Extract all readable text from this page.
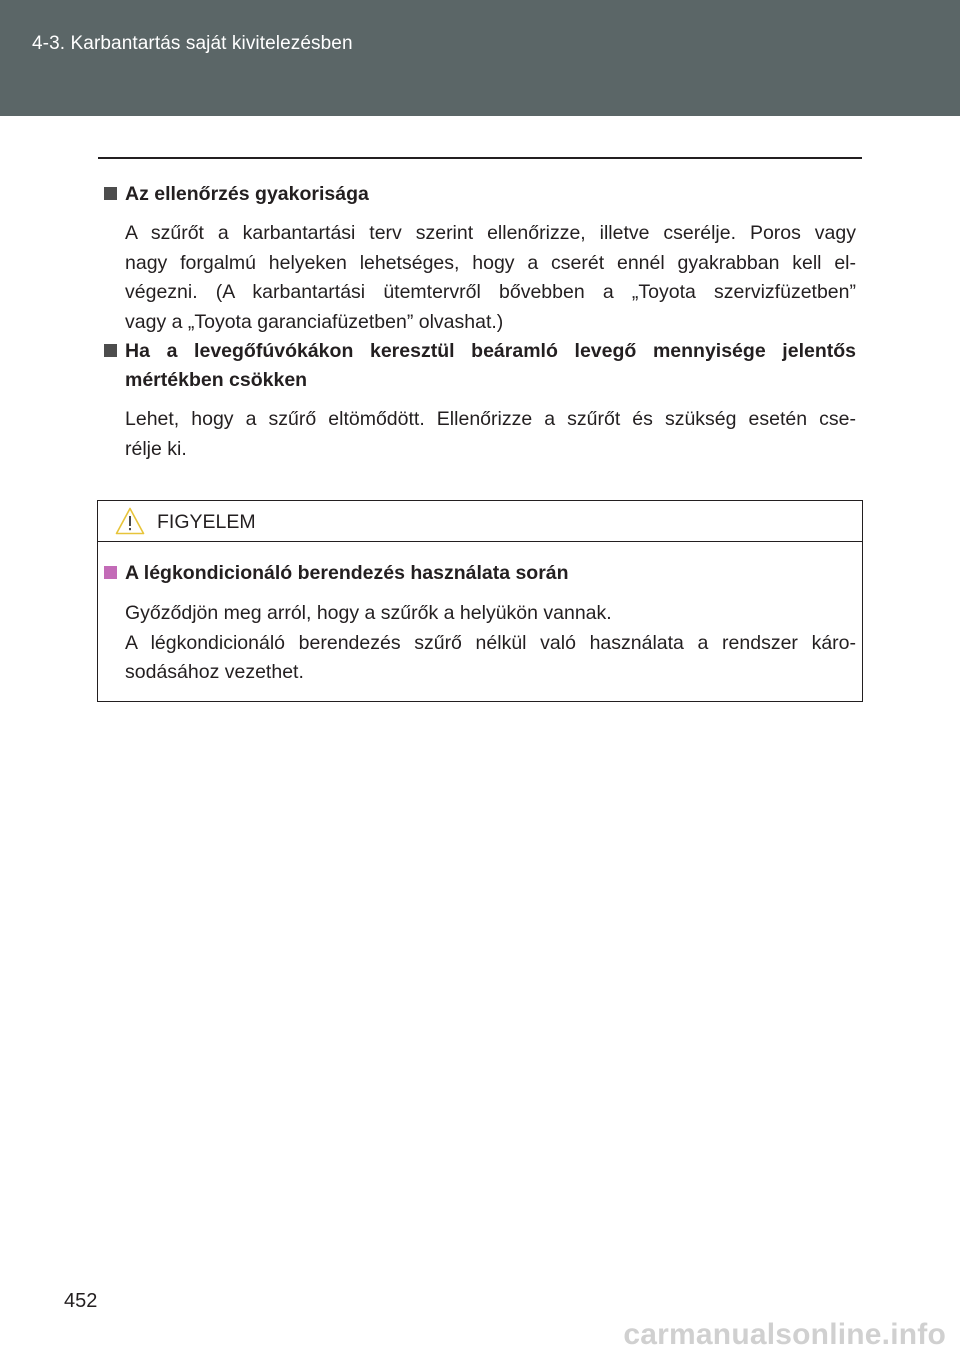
4-3. Karbantartás saját kivitelezésben
Az ellenőrzés gyakorisága
A szűrőt a karbantartási terv szerint ellenőrizze, illetve cserélje. Poros vagy
nagy forgalmú helyeken lehetséges, hogy a cserét ennél gyakrabban kell el-
végezni. (A karbantartási ütemtervről bővebben a „Toyota szervizfüzetben”
vagy a „Toyota garanciafüzetben” olvashat.)
Ha a levegőfúvókákon keresztül beáramló levegő mennyisége jelentős
mértékben csökken
Lehet, hogy a szűrő eltömődött. Ellenőrizze a szűrőt és szükség esetén cse-
rélje ki.
FIGYELEM
A légkondicionáló berendezés használata során
Győződjön meg arról, hogy a szűrők a helyükön vannak.
A légkondicionáló berendezés szűrő nélkül való használata a rendszer káro-
sodásához vezethet.
452
carmanualsonline.info
